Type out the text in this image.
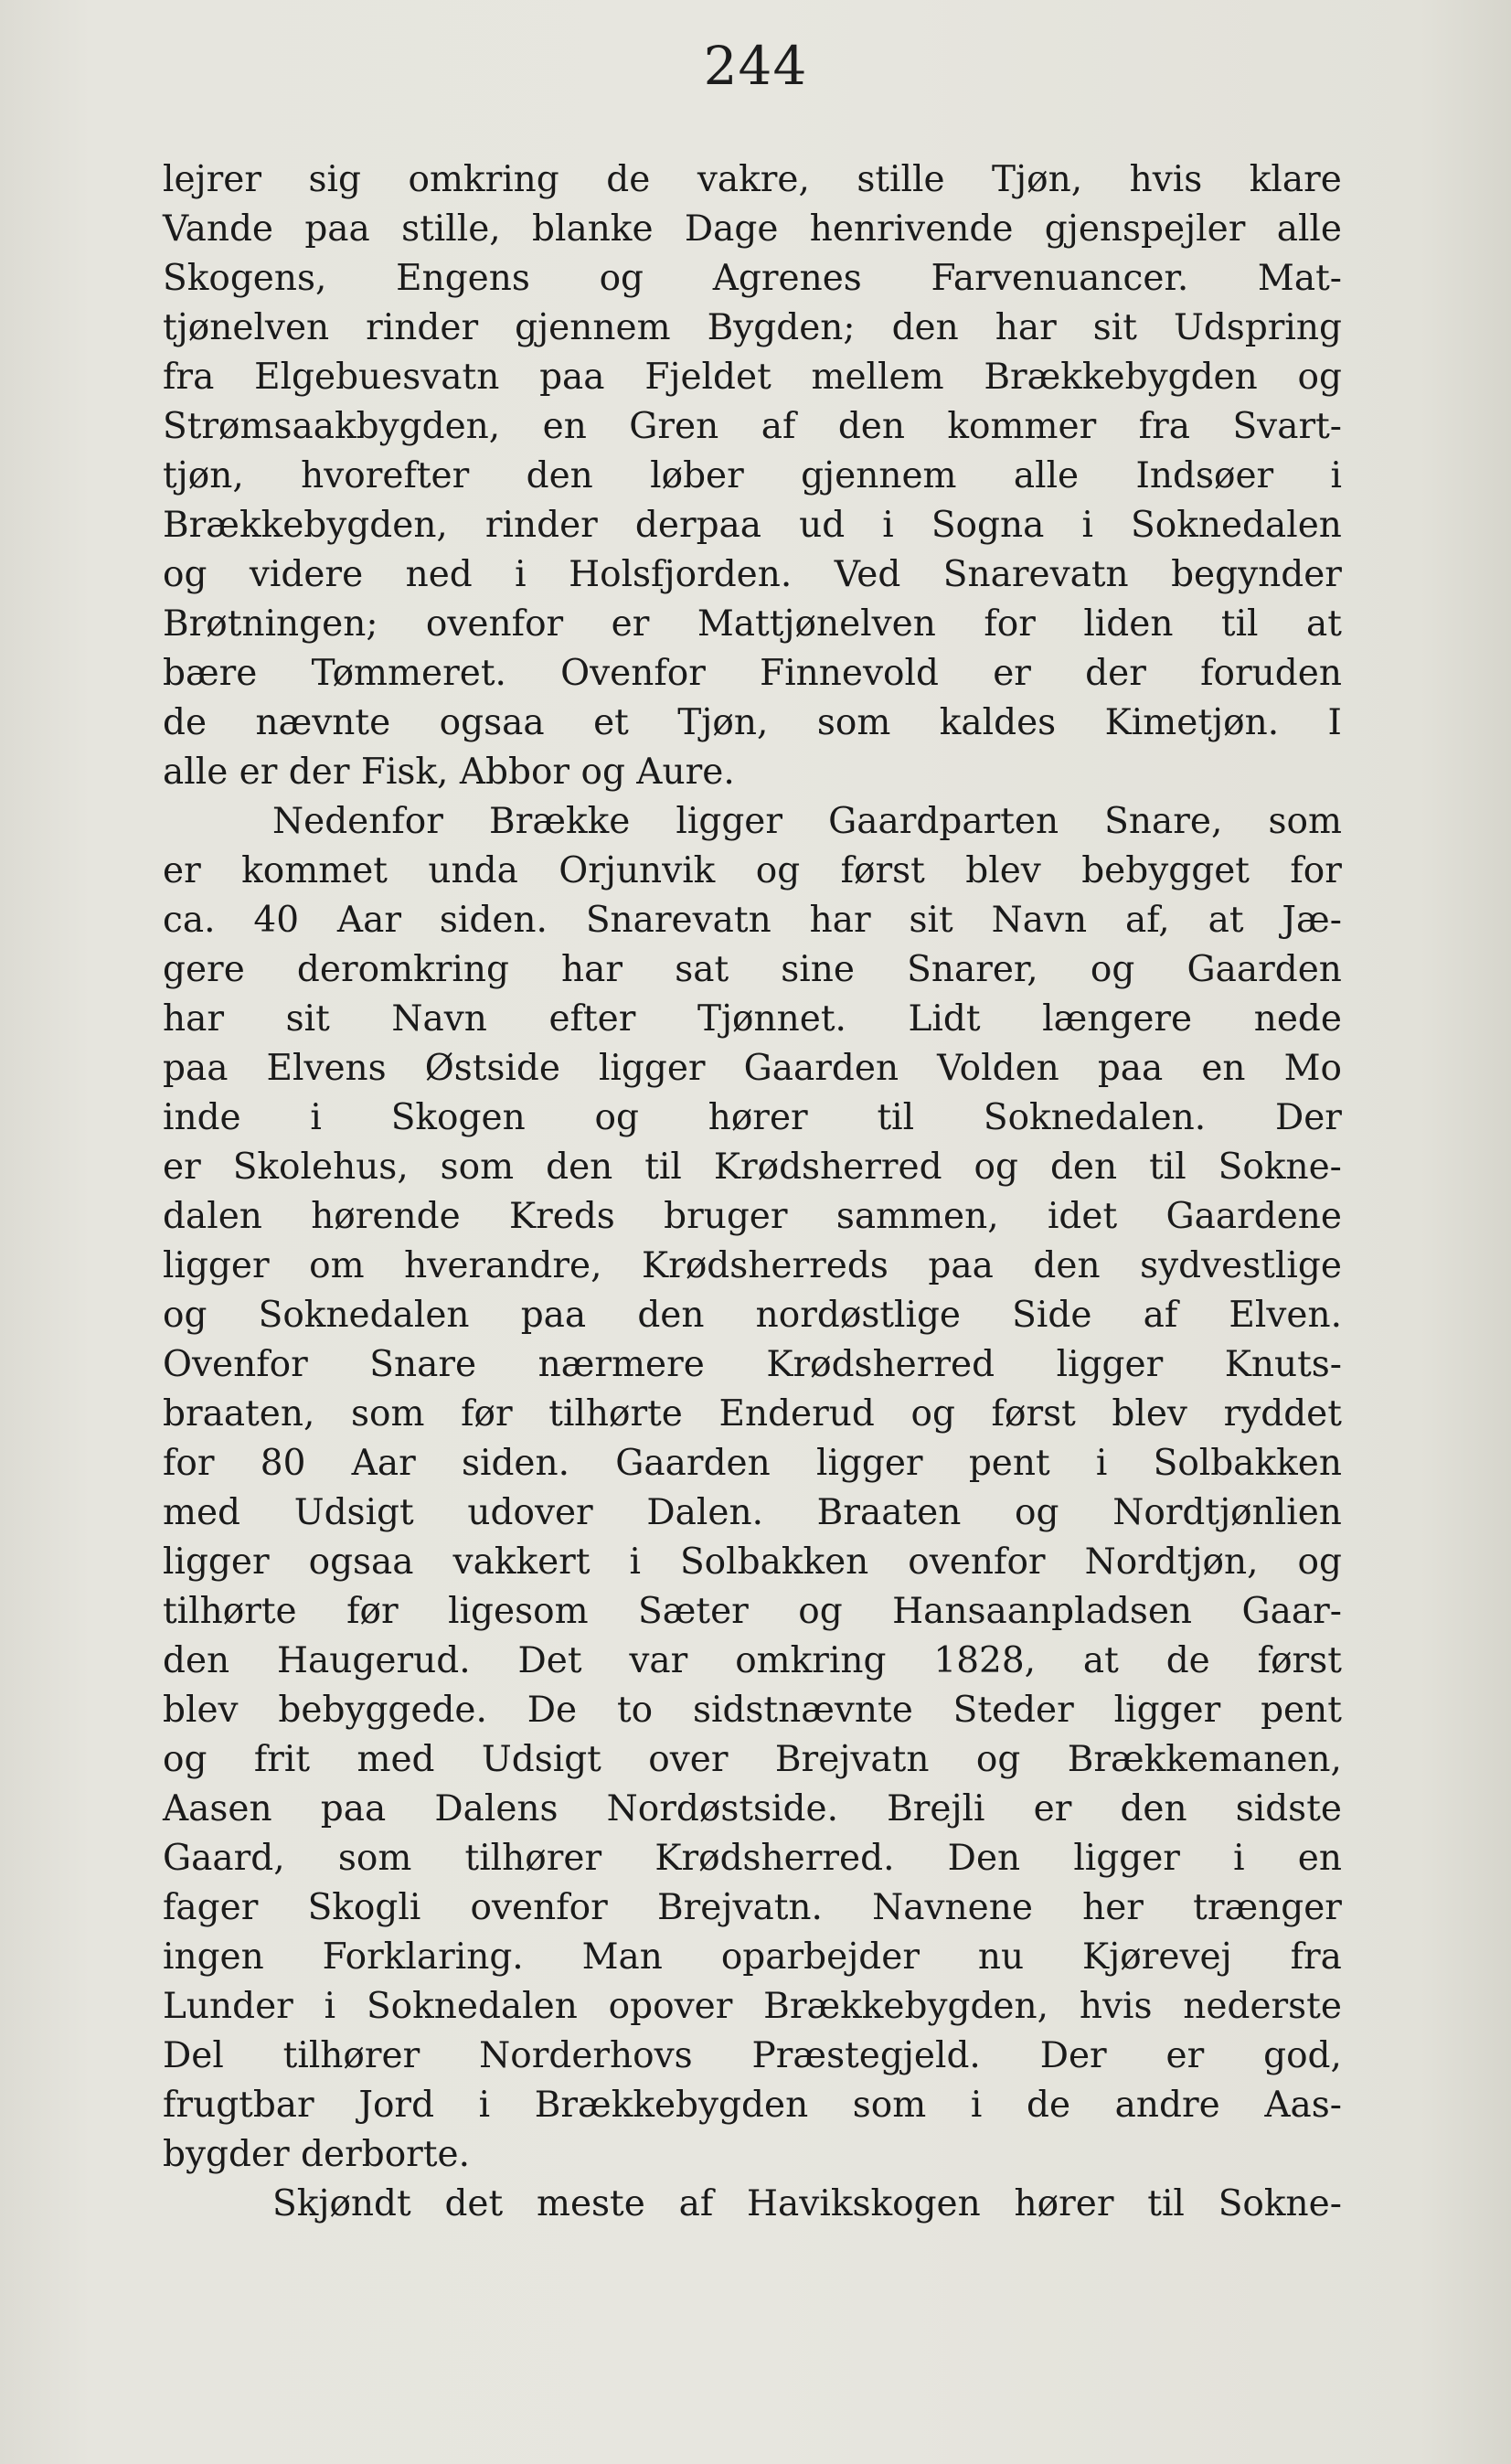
244
lejrer sig omkring de vakre, stille Tjøn, hvis klare
Vande paa stille, blanke Dage henrivende gjenspejler alle
Skogens, Engens og Agrenes Farvenuancer. Mat-
tjønelven rinder gjennem Bygden; den har sit Udspring
fra Elgebuesvatn paa Fjeldet mellem Brækkebygden og
Strømsaakbygden, en Gren af den kommer fra Svart-
tjøn, hvorefter den løber gjennem alle Indsøer i
Brækkebygden, rinder derpaa ud i Sogna i Soknedalen
og videre ned i Holsfjorden. Ved Snarevatn begynder
Brøtningen; ovenfor er Mattjønelven for liden til at
bære Tømmeret. Ovenfor Finnevold er der foruden
de nævnte ogsaa et Tjøn, som kaldes Kimetjøn. I
alle er der Fisk, Abbor og Aure.
Nedenfor Brække ligger Gaardparten Snare, som
er kommet unda Orjunvik og først blev bebygget for
ca. 40 Aar siden. Snarevatn har sit Navn af, at Jæ-
gere deromkring har sat sine Snarer, og Gaarden
har sit Navn efter Tjønnet. Lidt længere nede
paa Elvens Østside ligger Gaarden Volden paa en Mo
inde i Skogen og hører til Soknedalen. Der
er Skolehus, som den til Krødsherred og den til Sokne-
dalen hørende Kreds bruger sammen, idet Gaardene
ligger om hverandre, Krødsherreds paa den sydvestlige
og Soknedalen paa den nordøstlige Side af Elven.
Ovenfor Snare nærmere Krødsherred ligger Knuts-
braaten, som før tilhørte Enderud og først blev ryddet
for 80 Aar siden. Gaarden ligger pent i Solbakken
med Udsigt udover Dalen. Braaten og Nordtjønlien
ligger ogsaa vakkert i Solbakken ovenfor Nordtjøn, og
tilhørte før ligesom Sæter og Hansaanpladsen Gaar-
den Haugerud. Det var omkring 1828, at de først
blev bebyggede. De to sidstnævnte Steder ligger pent
og frit med Udsigt over Brejvatn og Brækkemanen,
Aasen paa Dalens Nordøstside. Brejli er den sidste
Gaard, som tilhører Krødsherred. Den ligger i en
fager Skogli ovenfor Brejvatn. Navnene her trænger
ingen Forklaring. Man oparbejder nu Kjørevej fra
Lunder i Soknedalen opover Brækkebygden, hvis nederste
Del tilhører Norderhovs Præstegjeld. Der er god,
frugtbar Jord i Brækkebygden som i de andre Aas-
bygder derborte.
Skjøndt det meste af Havikskogen hører til Sokne-
